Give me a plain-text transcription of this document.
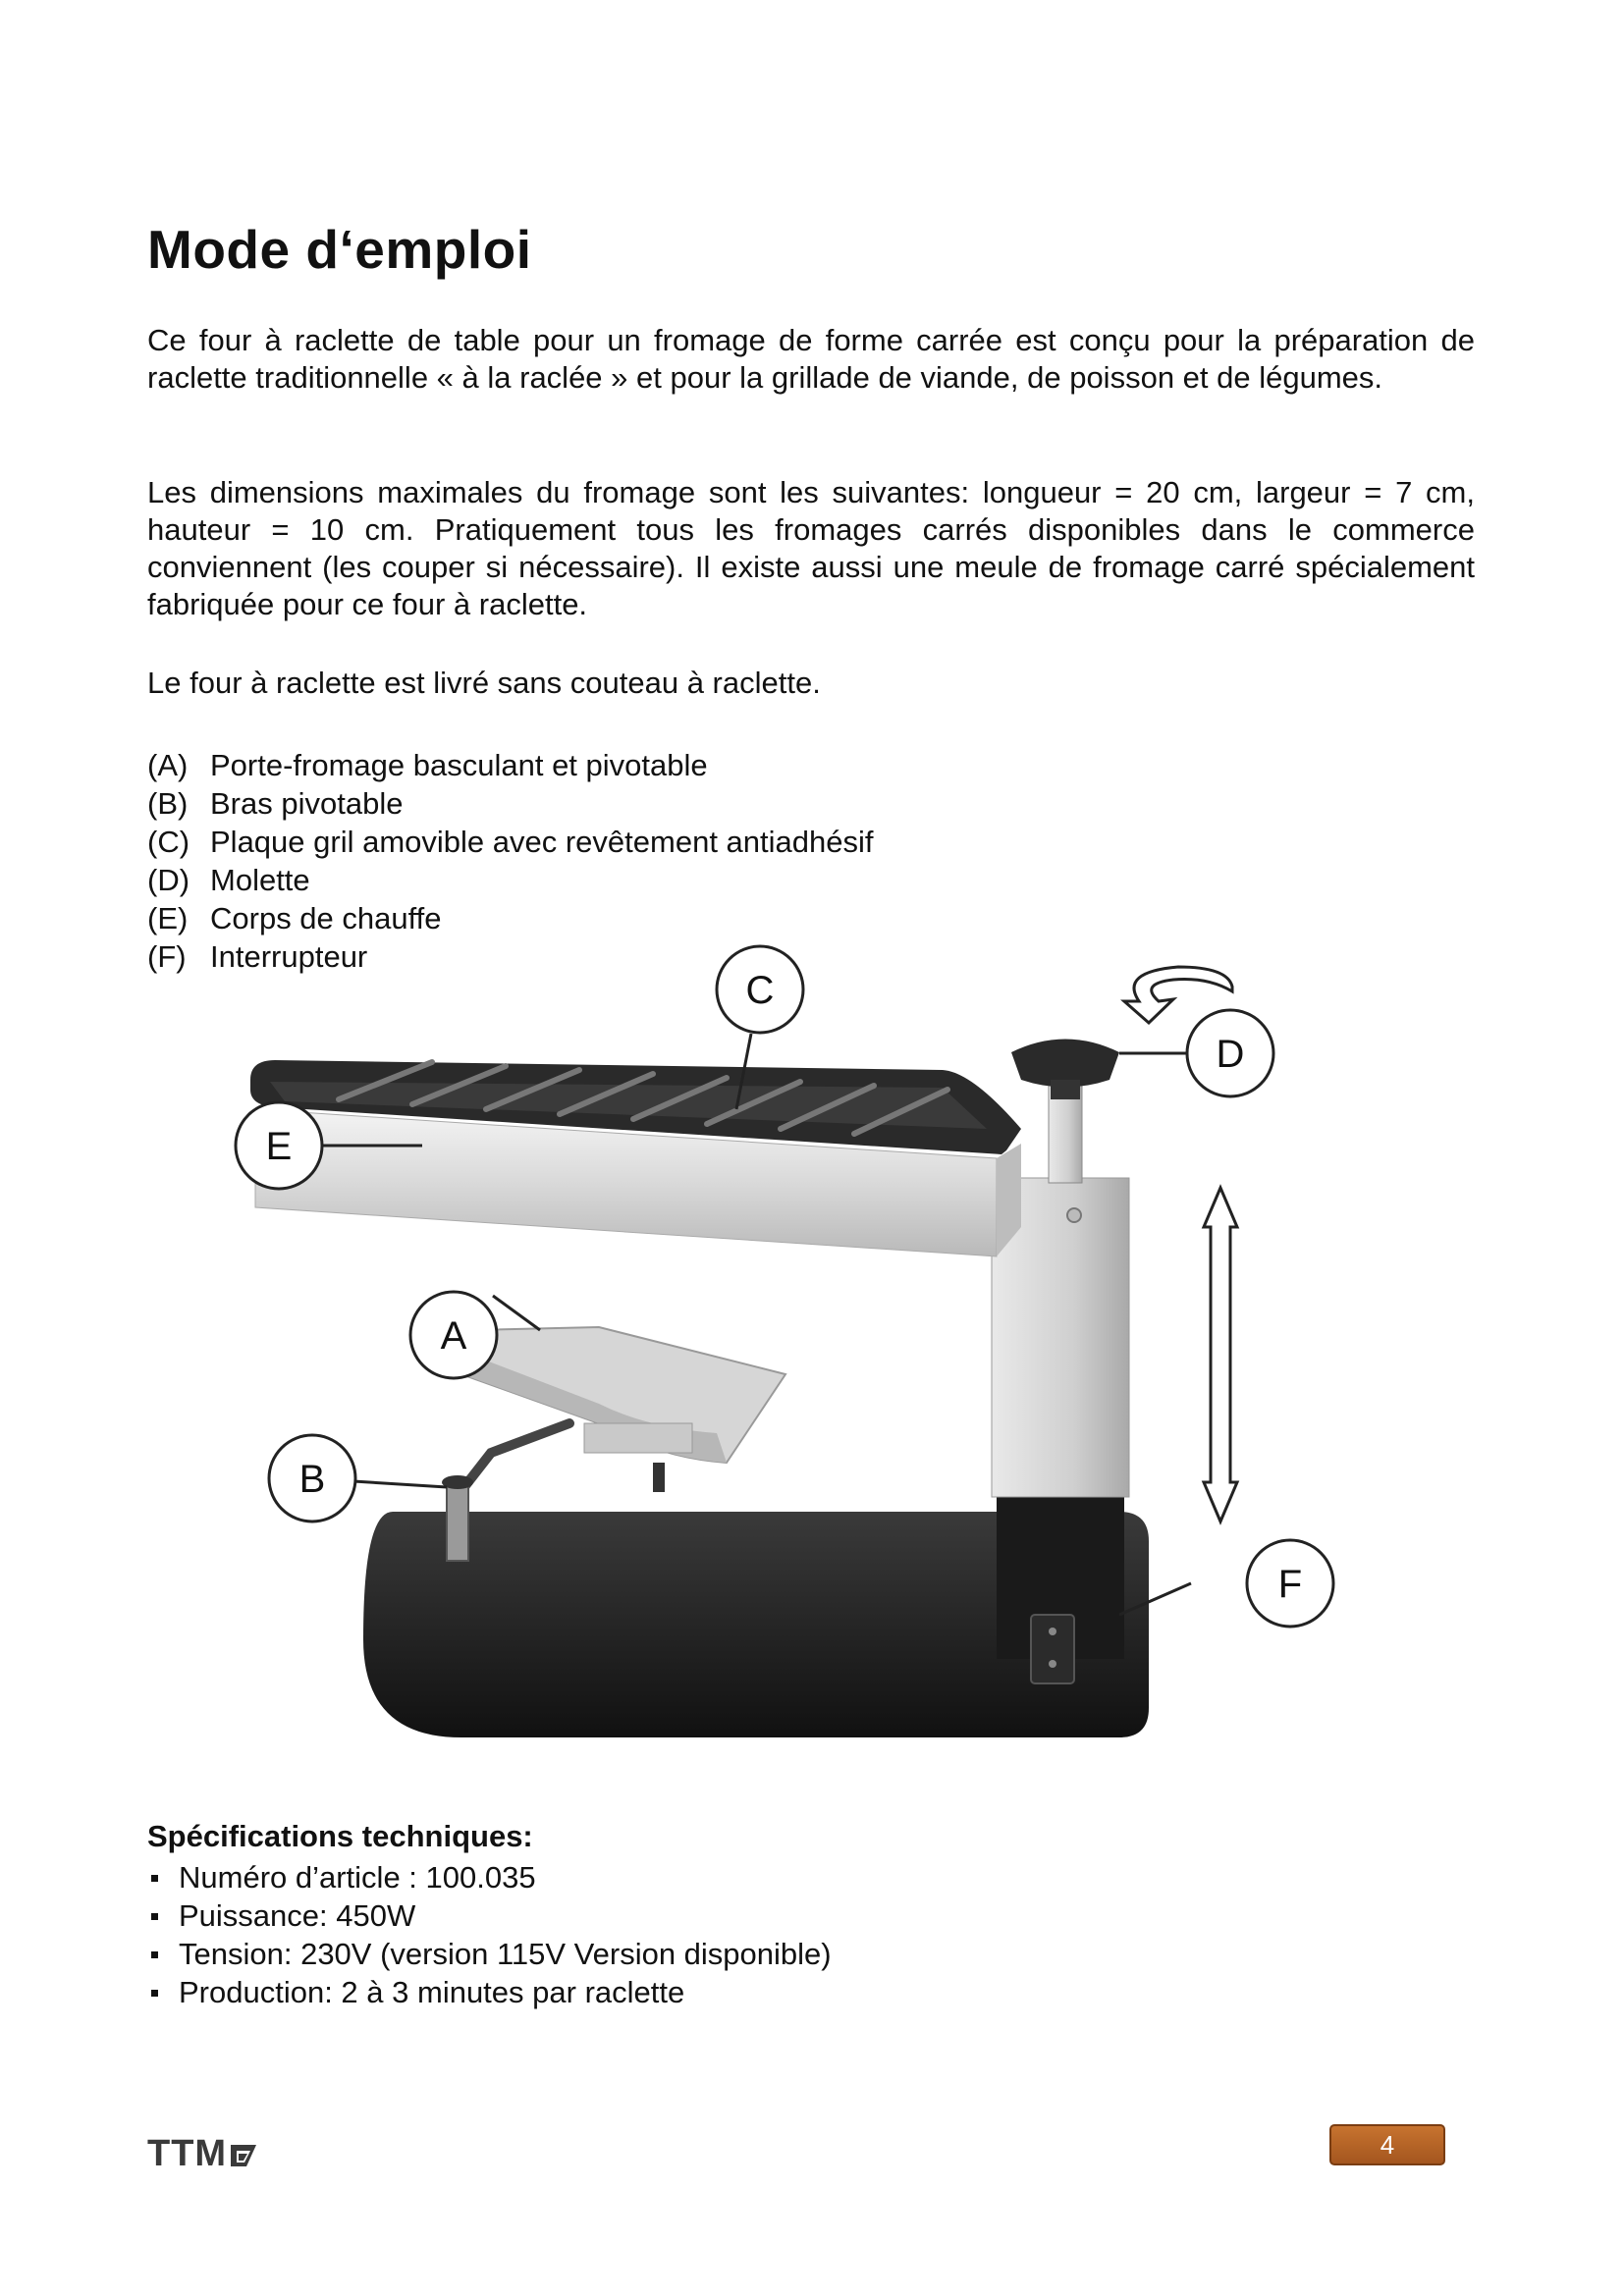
Mode d‘emploi

Ce four à raclette de table pour un fromage de forme carrée est conçu pour la préparation de raclette traditionnelle « à la raclée » et pour la grillade de viande, de poisson et de légumes.

Les dimensions maximales du fromage sont les suivantes: longueur = 20 cm, largeur = 7 cm, hauteur = 10 cm. Pratiquement tous les fromages carrés disponibles dans le commerce conviennent (les couper si nécessaire). Il existe aussi une meule de fromage carré spécialement fabriquée pour ce four à raclette.

Le four à raclette est livré sans couteau à raclette.

(A) Porte-fromage basculant et pivotable
(B) Bras pivotable
(C) Plaque gril amovible avec revêtement antiadhésif
(D) Molette
(E) Corps de chauffe
(F) Interrupteur
C
D
E
A
B
F

Spécifications techniques:

Numéro d’article : 100.035
Puissance: 450W
Tension: 230V (version 115V Version disponible)
Production: 2 à 3 minutes par raclette
TTM	4
